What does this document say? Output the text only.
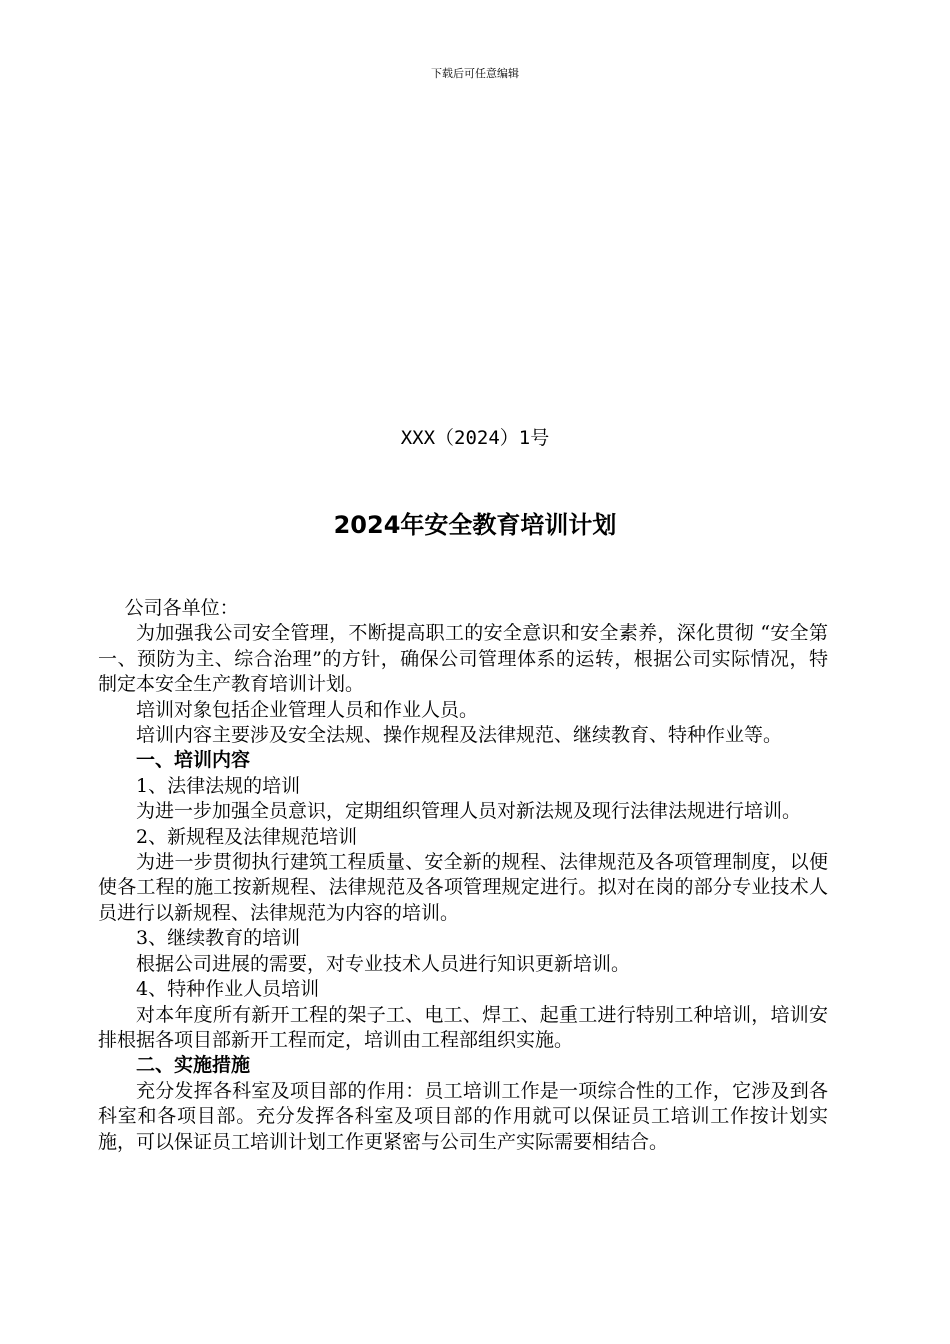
下载后可任意编辑
XXX（2024）1号
2024年安全教育培训计划

公司各单位：

为加强我公司安全管理，不断提高职工的安全意识和安全素养，深化贯彻 “安全第一、预防为主、综合治理”的方针，确保公司管理体系的运转，根据公司实际情况，特制定本安全生产教育培训计划。

培训对象包括企业管理人员和作业人员。

培训内容主要涉及安全法规、操作规程及法律规范、继续教育、特种作业等。

一、培训内容

1、法律法规的培训

为进一步加强全员意识，定期组织管理人员对新法规及现行法律法规进行培训。

2、新规程及法律规范培训

为进一步贯彻执行建筑工程质量、安全新的规程、法律规范及各项管理制度，以便使各工程的施工按新规程、法律规范及各项管理规定进行。拟对在岗的部分专业技术人员进行以新规程、法律规范为内容的培训。

3、继续教育的培训

根据公司进展的需要，对专业技术人员进行知识更新培训。

4、特种作业人员培训

对本年度所有新开工程的架子工、电工、焊工、起重工进行特别工种培训，培训安排根据各项目部新开工程而定，培训由工程部组织实施。

二、实施措施

充分发挥各科室及项目部的作用：员工培训工作是一项综合性的工作，它涉及到各科室和各项目部。充分发挥各科室及项目部的作用就可以保证员工培训工作按计划实施，可以保证员工培训计划工作更紧密与公司生产实际需要相结合。
